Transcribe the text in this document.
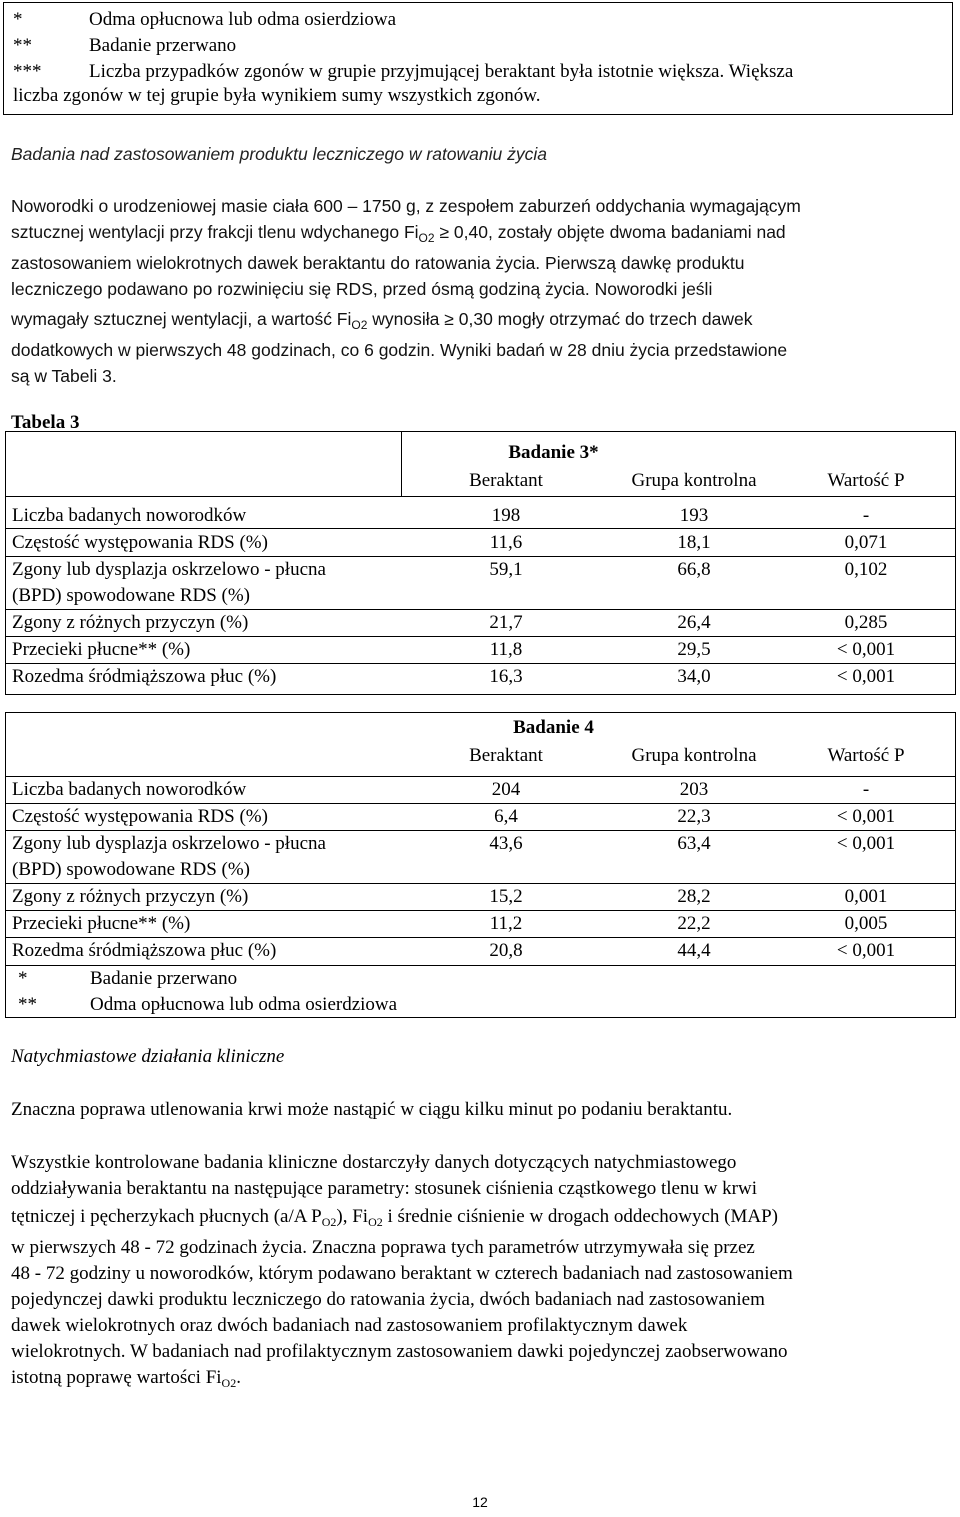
*	Odma opłucnowa lub odma osierdziowa
**	Badanie przerwano
***	Liczba przypadków zgonów w grupie przyjmującej beraktant była istotnie większa. Większa
liczba zgonów w tej grupie była wynikiem sumy wszystkich zgonów.
Badania nad zastosowaniem produktu leczniczego w ratowaniu życia
Noworodki o urodzeniowej masie ciała 600 – 1750 g, z zespołem zaburzeń oddychania wymagającym
sztucznej wentylacji przy frakcji tlenu wdychanego $Fi_{O2} \ge 0,40$, zostały objęte dwoma badaniami nad
zastosowaniem wielokrotnych dawek beraktantu do ratowania życia. Pierwszą dawkę produktu
leczniczego podawano po rozwinięciu się RDS, przed ósmą godziną życia. Noworodki jeśli
wymagały sztucznej wentylacji, a wartość $Fi_{O2}$ wynosiła ≥ 0,30 mogły otrzymać do trzech dawek
dodatkowych w pierwszych 48 godzinach, co 6 godzin. Wyniki badań w 28 dniu życia przedstawione
są w Tabeli 3.
Tabela 3
Badanie 3*
Beraktant	Grupa kontrolna	Wartość P
Liczba badanych noworodków	198	193	-
Częstość występowania RDS (%)	11,6	18,1	0,071
Zgony lub dysplazja oskrzelowo - płucna
(BPD) spowodowane RDS (%)
59,1	66,8	0,102
Zgony z różnych przyczyn (%)	21,7	26,4	0,285
Przecieki płucne** (%)	11,8	29,5	< 0,001
Rozedma śródmiąższowa płuc (%)	16,3	34,0	< 0,001
Badanie 4
Beraktant	Grupa kontrolna	Wartość P
Liczba badanych noworodków	204	203	-
Częstość występowania RDS (%)	6,4	22,3	< 0,001
Zgony lub dysplazja oskrzelowo - płucna
(BPD) spowodowane RDS (%)
43,6	63,4	< 0,001
Zgony z różnych przyczyn (%)	15,2	28,2	0,001
Przecieki płucne** (%)	11,2	22,2	0,005
Rozedma śródmiąższowa płuc (%)	20,8	44,4	< 0,001
*	Badanie przerwano
**	Odma opłucnowa lub odma osierdziowa
Natychmiastowe działania kliniczne
Znaczna poprawa utlenowania krwi może nastąpić w ciągu kilku minut po podaniu beraktantu.
Wszystkie kontrolowane badania kliniczne dostarczyły danych dotyczących natychmiastowego
oddziaływania beraktantu na następujące parametry: stosunek ciśnienia cząstkowego tlenu w krwi
tętniczej i pęcherzykach płucnych (a/A $P_{O2}$), $Fi_{O2}$ i średnie ciśnienie w drogach oddechowych (MAP)
w pierwszych 48 - 72 godzinach życia. Znaczna poprawa tych parametrów utrzymywała się przez
48 - 72 godziny u noworodków, którym podawano beraktant w czterech badaniach nad zastosowaniem
pojedynczej dawki produktu leczniczego do ratowania życia, dwóch badaniach nad zastosowaniem
dawek wielokrotnych oraz dwóch badaniach nad zastosowaniem profilaktycznym dawek
wielokrotnych. W badaniach nad profilaktycznym zastosowaniem dawki pojedynczej zaobserwowano
istotną poprawę wartości $Fi_{O2}$.
12
